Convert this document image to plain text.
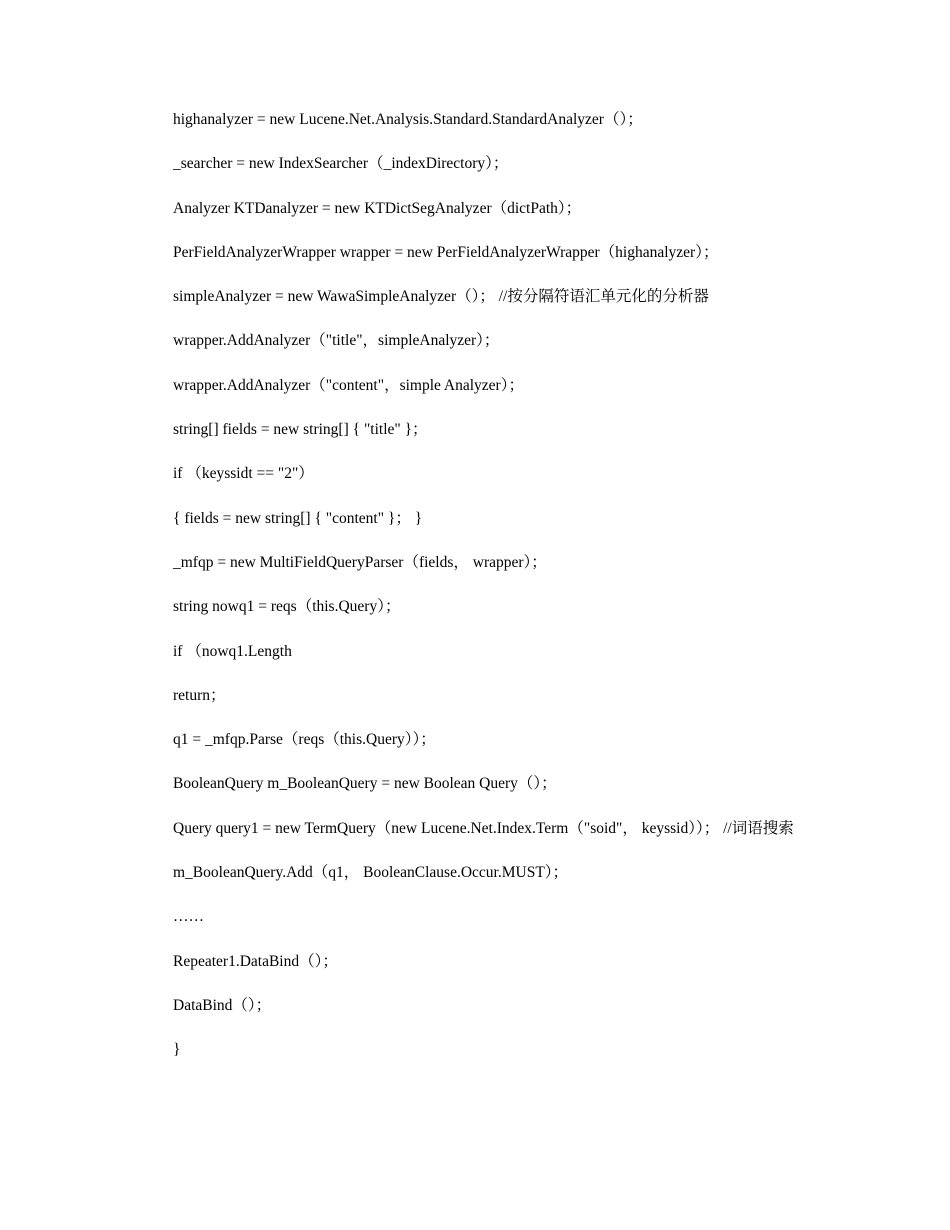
highanalyzer = new Lucene.Net.Analysis.Standard.StandardAnalyzer（）；

_searcher = new IndexSearcher（_indexDirectory）；

Analyzer KTDanalyzer = new KTDictSegAnalyzer（dictPath）；

PerFieldAnalyzerWrapper wrapper = new PerFieldAnalyzerWrapper（highanalyzer）；

simpleAnalyzer = new WawaSimpleAnalyzer（）； //按分隔符语汇单元化的分析器

wrapper.AddAnalyzer（"title"，simpleAnalyzer）；

wrapper.AddAnalyzer（"content"，simple Analyzer）；

string[] fields = new string[] { "title" }；

if （keyssidt == "2"）

{ fields = new string[] { "content" }； }

_mfqp = new MultiFieldQueryParser（fields， wrapper）；

string nowq1 = reqs（this.Query）；

if （nowq1.Length

return；

q1 = _mfqp.Parse（reqs（this.Query））；

BooleanQuery m_BooleanQuery = new Boolean Query（）；

Query query1 = new TermQuery（new Lucene.Net.Index.Term（"soid"， keyssid））； //词语搜索

m_BooleanQuery.Add（q1， BooleanClause.Occur.MUST）；

……

Repeater1.DataBind（）；

DataBind（）；

}
